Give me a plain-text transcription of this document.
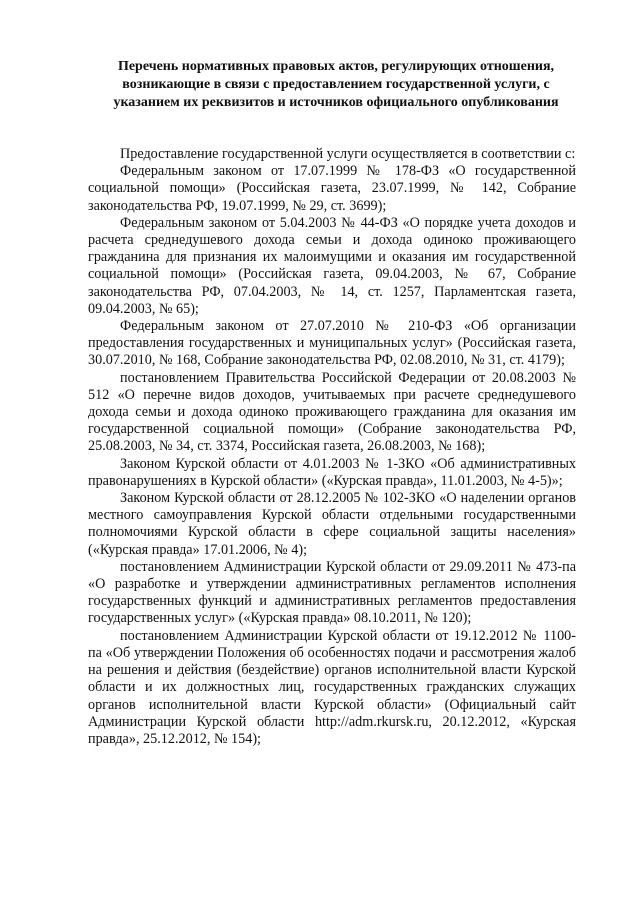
Перечень нормативных правовых актов, регулирующих отношения, возникающие в связи с предоставлением государственной услуги, с указанием их реквизитов и источников официального опубликования

Предоставление государственной услуги осуществляется в соответствии с:

Федеральным законом от 17.07.1999 № 178-ФЗ «О государственной социальной помощи» (Российская газета, 23.07.1999, № 142, Собрание законодательства РФ, 19.07.1999, № 29, ст. 3699);

Федеральным законом от 5.04.2003 № 44-ФЗ «О порядке учета доходов и расчета среднедушевого дохода семьи и дохода одиноко проживающего гражданина для признания их малоимущими и оказания им государственной социальной помощи» (Российская газета, 09.04.2003, № 67, Собрание законодательства РФ, 07.04.2003, № 14, ст. 1257, Парламентская газета, 09.04.2003, № 65);

Федеральным законом от 27.07.2010 № 210-ФЗ «Об организации предоставления государственных и муниципальных услуг» (Российская газета, 30.07.2010, № 168, Собрание законодательства РФ, 02.08.2010, № 31, ст. 4179);

постановлением Правительства Российской Федерации от 20.08.2003 № 512 «О перечне видов доходов, учитываемых при расчете среднедушевого дохода семьи и дохода одиноко проживающего гражданина для оказания им государственной социальной помощи» (Собрание законодательства РФ, 25.08.2003, № 34, ст. 3374, Российская газета, 26.08.2003, № 168);

Законом Курской области от 4.01.2003 № 1-ЗКО «Об административных правонарушениях в Курской области» («Курская правда», 11.01.2003, № 4-5)»;

Законом Курской области от 28.12.2005 № 102-ЗКО «О наделении органов местного самоуправления Курской области отдельными государственными полномочиями Курской области в сфере социальной защиты населения» («Курская правда» 17.01.2006, № 4);

постановлением Администрации Курской области от 29.09.2011 № 473-па «О разработке и утверждении административных регламентов исполнения государственных функций и административных регламентов предоставления государственных услуг» («Курская правда» 08.10.2011, № 120);

постановлением Администрации Курской области от 19.12.2012 № 1100-па «Об утверждении Положения об особенностях подачи и рассмотрения жалоб на решения и действия (бездействие) органов исполнительной власти Курской области и их должностных лиц, государственных гражданских служащих органов исполнительной власти Курской области» (Официальный сайт Администрации Курской области http://adm.rkursk.ru, 20.12.2012, «Курская правда», 25.12.2012, № 154);
